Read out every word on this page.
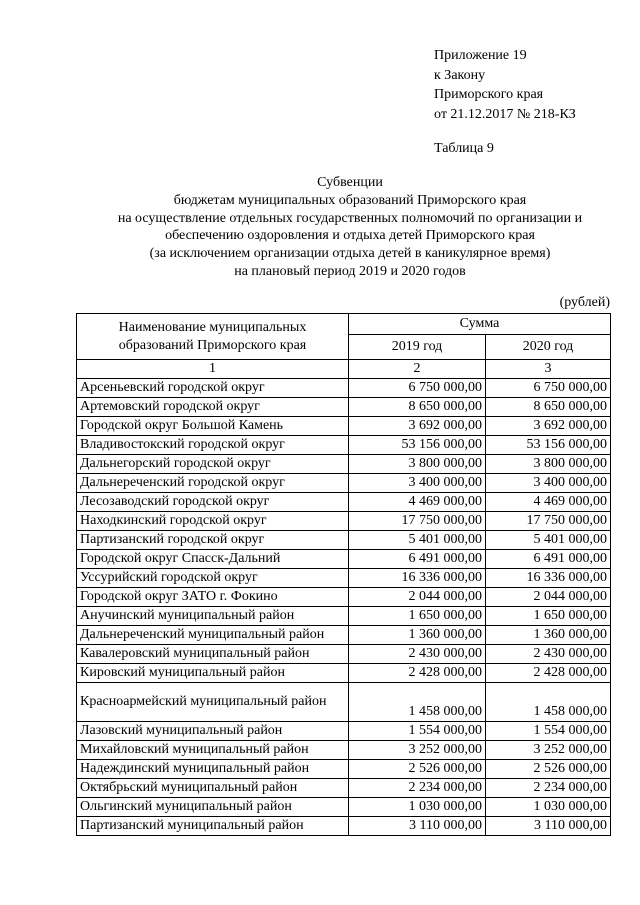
Приложение 19
к Закону
Приморского края
от 21.12.2017 № 218-КЗ
Таблица 9
Субвенции
бюджетам муниципальных образований Приморского края
на осуществление отдельных государственных полномочий по организации и
обеспечению оздоровления и отдыха детей Приморского края
(за исключением организации отдыха детей в каникулярное время)
на плановый период 2019 и 2020 годов
(рублей)
Наименование муниципальных образований Приморского края	Сумма	
	2019 год	2020 год
1	2	3
Арсеньевский городской округ	6 750 000,00	6 750 000,00
Артемовский городской округ	8 650 000,00	8 650 000,00
Городской округ Большой Камень	3 692 000,00	3 692 000,00
Владивостокский городской округ	53 156 000,00	53 156 000,00
Дальнегорский городской округ	3 800 000,00	3 800 000,00
Дальнереченский городской округ	3 400 000,00	3 400 000,00
Лесозаводский городской округ	4 469 000,00	4 469 000,00
Находкинский городской округ	17 750 000,00	17 750 000,00
Партизанский городской округ	5 401 000,00	5 401 000,00
Городской округ Спасск-Дальний	6 491 000,00	6 491 000,00
Уссурийский городской округ	16 336 000,00	16 336 000,00
Городской округ ЗАТО г. Фокино	2 044 000,00	2 044 000,00
Анучинский муниципальный район	1 650 000,00	1 650 000,00
Дальнереченский муниципальный район	1 360 000,00	1 360 000,00
Кавалеровский муниципальный район	2 430 000,00	2 430 000,00
Кировский муниципальный район	2 428 000,00	2 428 000,00
Красноармейский муниципальный район	1 458 000,00	1 458 000,00
Лазовский муниципальный район	1 554 000,00	1 554 000,00
Михайловский муниципальный район	3 252 000,00	3 252 000,00
Надеждинский муниципальный район	2 526 000,00	2 526 000,00
Октябрьский муниципальный район	2 234 000,00	2 234 000,00
Ольгинский муниципальный район	1 030 000,00	1 030 000,00
Партизанский муниципальный район	3 110 000,00	3 110 000,00
